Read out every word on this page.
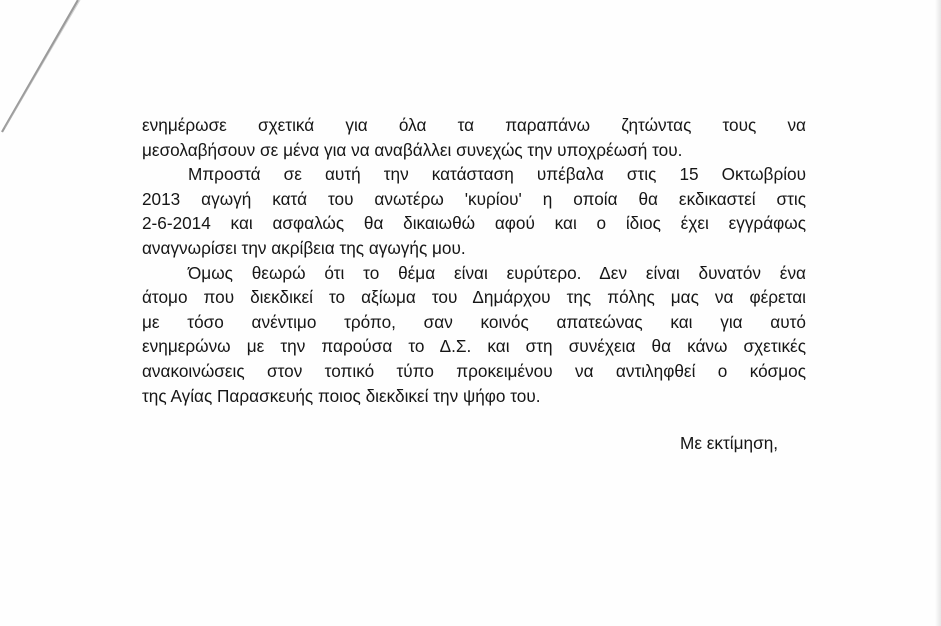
ενημέρωσε σχετικά για όλα τα παραπάνω ζητώντας τους να
μεσολαβήσουν σε μένα για να αναβάλλει συνεχώς την υποχρέωσή του.
Μπροστά σε αυτή την κατάσταση υπέβαλα στις 15 Οκτωβρίου
2013 αγωγή κατά του ανωτέρω 'κυρίου' η οποία θα εκδικαστεί στις
2-6-2014 και ασφαλώς θα δικαιωθώ αφού και ο ίδιος έχει εγγράφως
αναγνωρίσει την ακρίβεια της αγωγής μου.
Όμως θεωρώ ότι το θέμα είναι ευρύτερο. Δεν είναι δυνατόν ένα
άτομο που διεκδικεί το αξίωμα του Δημάρχου της πόλης μας να φέρεται
με τόσο ανέντιμο τρόπο, σαν κοινός απατεώνας και για αυτό
ενημερώνω με την παρούσα το Δ.Σ. και στη συνέχεια θα κάνω σχετικές
ανακοινώσεις στον τοπικό τύπο προκειμένου να αντιληφθεί ο κόσμος
της Αγίας Παρασκευής ποιος διεκδικεί την ψήφο του.
Με εκτίμηση,
